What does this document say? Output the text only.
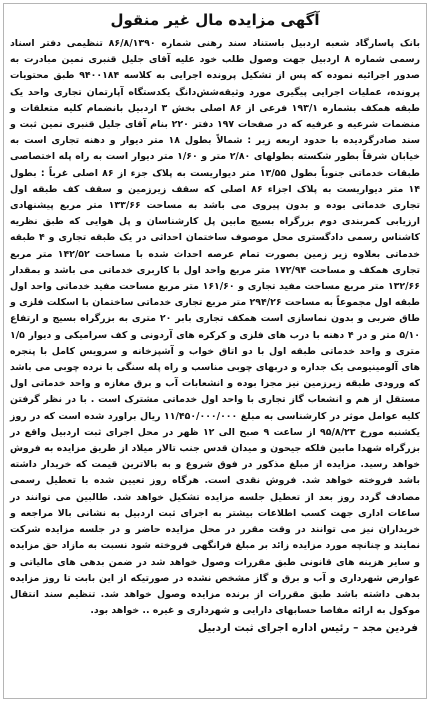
آگهی مزایده مال غیر منقول
بانک پاسارگاد شعبه اردبیل باستناد سند رهنی شماره ۸۶/۸/۱۳۹۰ تنظیمی دفتر اسناد رسمی شماره ۸ اردبیل جهت وصول طلب خود علیه آقای جلیل قنبری نمین مبادرت به صدور اجرائیه نموده که پس از تشکیل پرونده اجرایی به کلاسه ۹۴۰۰۱۸۴ طبق محتویات پرونده، عملیات اجرایی پیگیری مورد وثیقه‌شش‌دانگ یکدستگاه آپارتمان تجاری واحد یک طبقه همکف بشماره ۱۹۳/۱ فرعی از ۸۶ اصلی بخش ۳ اردبیل بانضمام کلیه متعلقات و منضمات شرعیه و عرفیه که در صفحات ۱۹۷ دفتر ۲۲۰ بنام آقای جلیل قنبری نمین ثبت و سند صادرگردیده با حدود اربعه زیر : شمالاً بطول ۱۸ متر دیوار و دهنه تجاری است به خیابان شرقاً بطور شکسته بطولهای ۲/۸۰ متر و ۱/۶۰ متر دیوار است به راه پله اختصاصی طبقات خدماتی جنوباً بطول ۱۳/۵۵ متر دیواریست به پلاک جزء از ۸۶ اصلی غرباً : بطول ۱۴ متر دیواریست به پلاک اجزاء ۸۶ اصلی که سقف زیرزمین و سقف کف طبقه اول تجاری خدماتی بوده و بدون پیروی می باشد به مساحت ۱۳۳/۶۶ متر مربع پیشنهادی ارزیابی کمربندی دوم بزرگراه بسیج مابین پل کارشناسان و پل هوایی که طبق نظریه کاشناس رسمی دادگستری محل موصوف ساختمان احداثی در یک طبقه تجاری و ۴ طبقه خدماتی بعلاوه زیر زمین بصورت تمام عرصه احداث شده با مساحت ۱۴۲/۵۲ متر مربع تجاری همکف و مساحت ۱۷۲/۹۴ متر مربع واحد اول با کاربری خدماتی می باشد و بمقدار ۱۳۲/۶۶ متر مربع مساحت مفید تجاری و ۱۶۱/۶۰ متر مربع مساحت مفید خدماتی واحد اول طبقه اول مجموعاً به مساحت ۲۹۴/۲۶ متر مربع تجاری خدماتی ساختمان با اسکلت فلزی و طاق ضربی و بدون نماسازی است همکف تجاری بابر ۲۰ متری به بزرگراه بسیج و ارتفاع ۵/۱۰ متر و در ۴ دهنه با درب های فلزی و کرکره های آردونی و کف سرامیکی و دیوار ۱/۵ متری و واحد خدماتی طبقه اول با دو اتاق خواب و آشپزخانه و سرویس کامل با پنجره های آلومینیومی یک جداره و دربهای چوبی مناسب و راه پله سنگی با نرده چوبی می باشد که ورودی طبقه زیرزمین نیز مجزا بوده و انشعابات آب و برق مغازه و واحد خدماتی اول مستقل از هم و انشعاب گاز تجاری با واحد اول خدماتی مشترک است . با در نظر گرفتن کلیه عوامل موثر در کارشناسی به مبلغ ۱۱/۴۵۰/۰۰۰/۰۰۰ ریال براورد شده است که در روز یکشنبه مورخ ۹۵/۸/۲۳ از ساعت ۹ صبح الی ۱۲ ظهر در محل اجرای ثبت اردبیل واقع در بزرگراه شهدا مابین فلکه جیحون و میدان قدس جنب تالار میلاد از طریق مزایده به فروش خواهد رسید. مزایده از مبلغ مذکور در فوق شروع و به بالاترین قیمت که خریدار داشته باشد فروخته خواهد شد. فروش نقدی است. هرگاه روز تعیین شده با تعطیل رسمی مصادف گردد روز بعد از تعطیل جلسه مزایده تشکیل خواهد شد. طالبین می توانند در ساعات اداری جهت کسب اطلاعات بیشتر به اجرای ثبت اردبیل به نشانی بالا مراجعه و خریداران نیز می توانند در وقت مقرر در محل مزایده حاضر و در جلسه مزایده شرکت نمایند و چنانچه مورد مزایده زائد بر مبلغ فرانگهی فروخته شود نسبت به مازاد حق مزایده و سایر هزینه های قانونی طبق مقررات وصول خواهد شد در ضمن بدهی های مالیاتی و عوارض شهرداری و آب و برق و گاز مشخص نشده در صورتیکه از این بابت تا روز مزایده بدهی داشته باشد طبق مقررات از برنده مزایده وصول خواهد شد. تنظیم سند انتقال موکول به ارائه مفاصا حسابهای دارایی و شهرداری و غیره .. خواهد بود.
فردین مجد – رئیس اداره اجرای ثبت اردبیل
